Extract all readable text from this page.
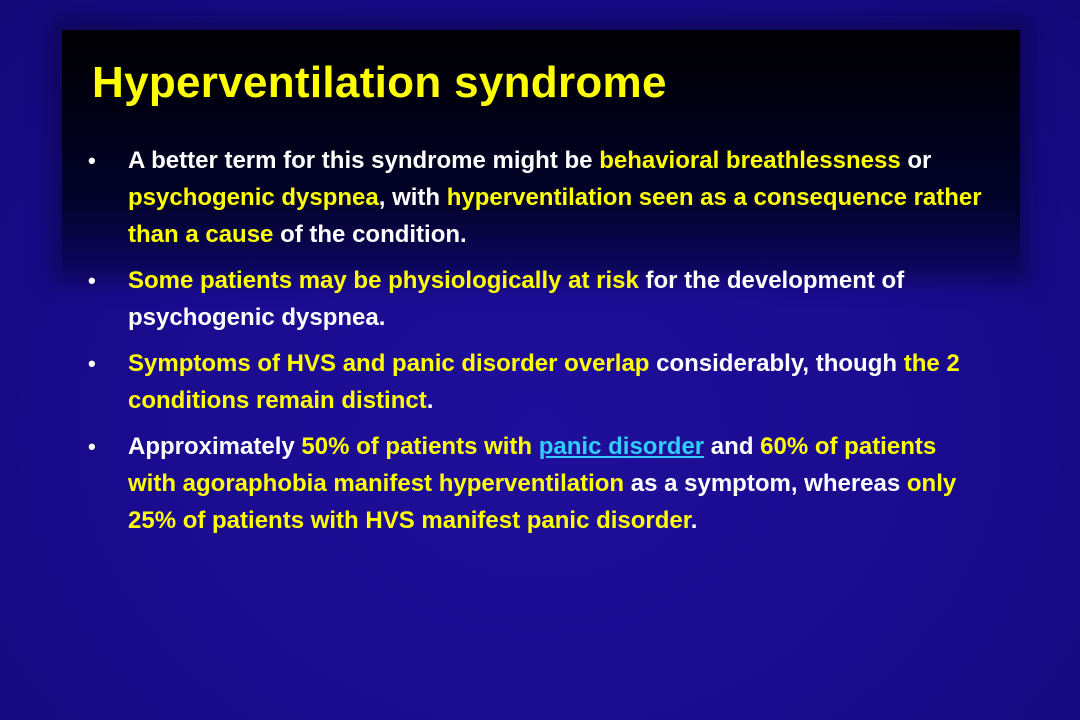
Hyperventilation syndrome
•	A better term for this syndrome might be behavioral breathlessness or psychogenic dyspnea, with hyperventilation seen as a consequence rather than a cause of the condition.
•	Some patients may be physiologically at risk for the development of psychogenic dyspnea.
•	Symptoms of HVS and panic disorder overlap considerably, though the 2 conditions remain distinct.
•	Approximately 50% of patients with panic disorder and 60% of patients with agoraphobia manifest hyperventilation as a symptom, whereas only 25% of patients with HVS manifest panic disorder.
